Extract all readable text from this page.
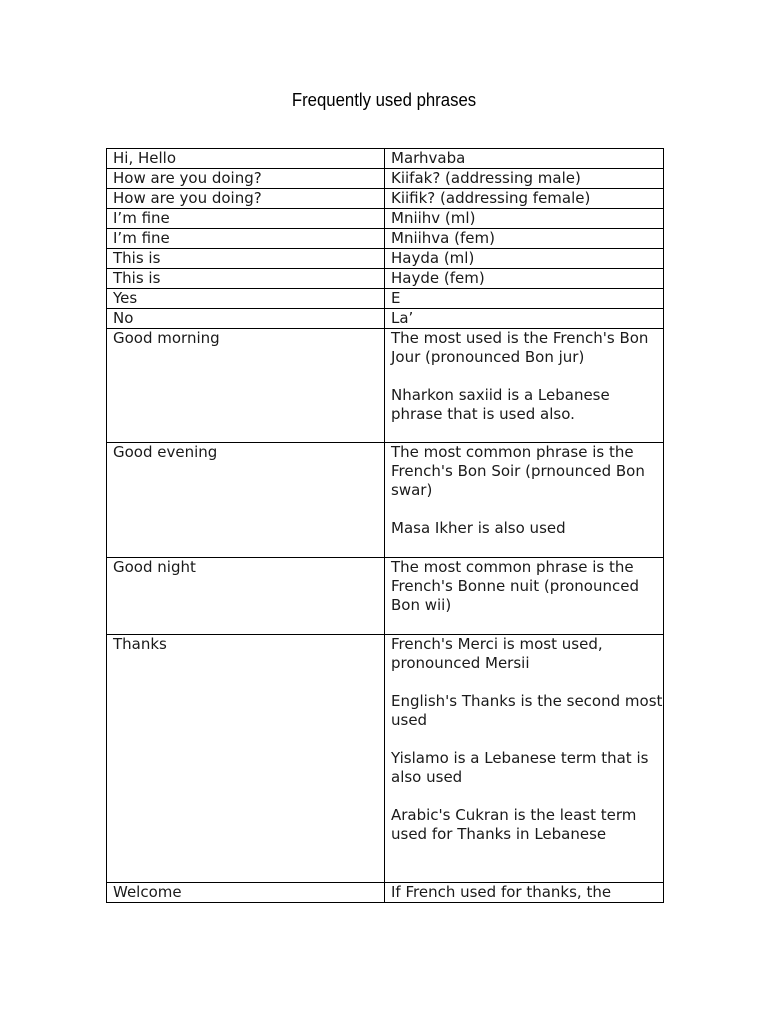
Frequently used phrases
Hi, Hello	Marhvaba

How are you doing?	Kiifak? (addressing male)

How are you doing?	Kiifik? (addressing female)

I’m fine	Mniihv (ml)

I’m fine	Mniihva (fem)

This is	Hayda (ml)

This is	Hayde (fem)

Yes	E

No	La’

Good morning	The most used is the French's Bon Jour (pronounced Bon jur)
Nharkon saxiid is a Lebanese phrase that is used also.

Good evening	The most common phrase is the French's Bon Soir (prnounced Bon swar)
Masa Ikher is also used

Good night	The most common phrase is the French's Bonne nuit (pronounced Bon wii)

Thanks	French's Merci is most used, pronounced Mersii
English's Thanks is the second most used
Yislamo is a Lebanese term that is also used
Arabic's Cukran is the least term used for Thanks in Lebanese

Welcome	If French used for thanks, the
